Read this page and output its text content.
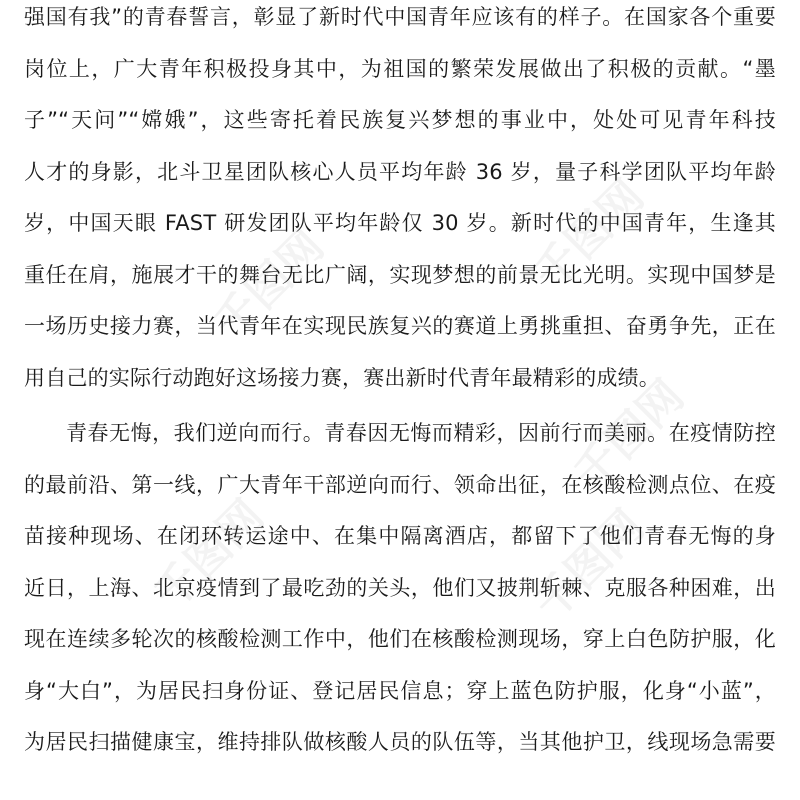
千图网
千图网
千图网
千图网	千图网
强国有我”的青春誓言，彰显了新时代中国青年应该有的样子。在国家各个重要
岗位上，广大青年积极投身其中，为祖国的繁荣发展做出了积极的贡献。“墨
子”“天问”“嫦娥”，这些寄托着民族复兴梦想的事业中，处处可见青年科技
人才的身影，北斗卫星团队核心人员平均年龄 36 岁，量子科学团队平均年龄
岁，中国天眼 FAST 研发团队平均年龄仅 30 岁。新时代的中国青年，生逢其
重任在肩，施展才干的舞台无比广阔，实现梦想的前景无比光明。实现中国梦是
一场历史接力赛，当代青年在实现民族复兴的赛道上勇挑重担、奋勇争先，正在
用自己的实际行动跑好这场接力赛，赛出新时代青年最精彩的成绩。
青春无悔，我们逆向而行。青春因无悔而精彩，因前行而美丽。在疫情防控
的最前沿、第一线，广大青年干部逆向而行、领命出征，在核酸检测点位、在疫
苗接种现场、在闭环转运途中、在集中隔离酒店，都留下了他们青春无悔的身
近日，上海、北京疫情到了最吃劲的关头，他们又披荆斩棘、克服各种困难，出
现在连续多轮次的核酸检测工作中，他们在核酸检测现场，穿上白色防护服，化
身“大白”，为居民扫身份证、登记居民信息；穿上蓝色防护服，化身“小蓝”，
为居民扫描健康宝，维持排队做核酸人员的队伍等，当其他护卫，线现场急需要
